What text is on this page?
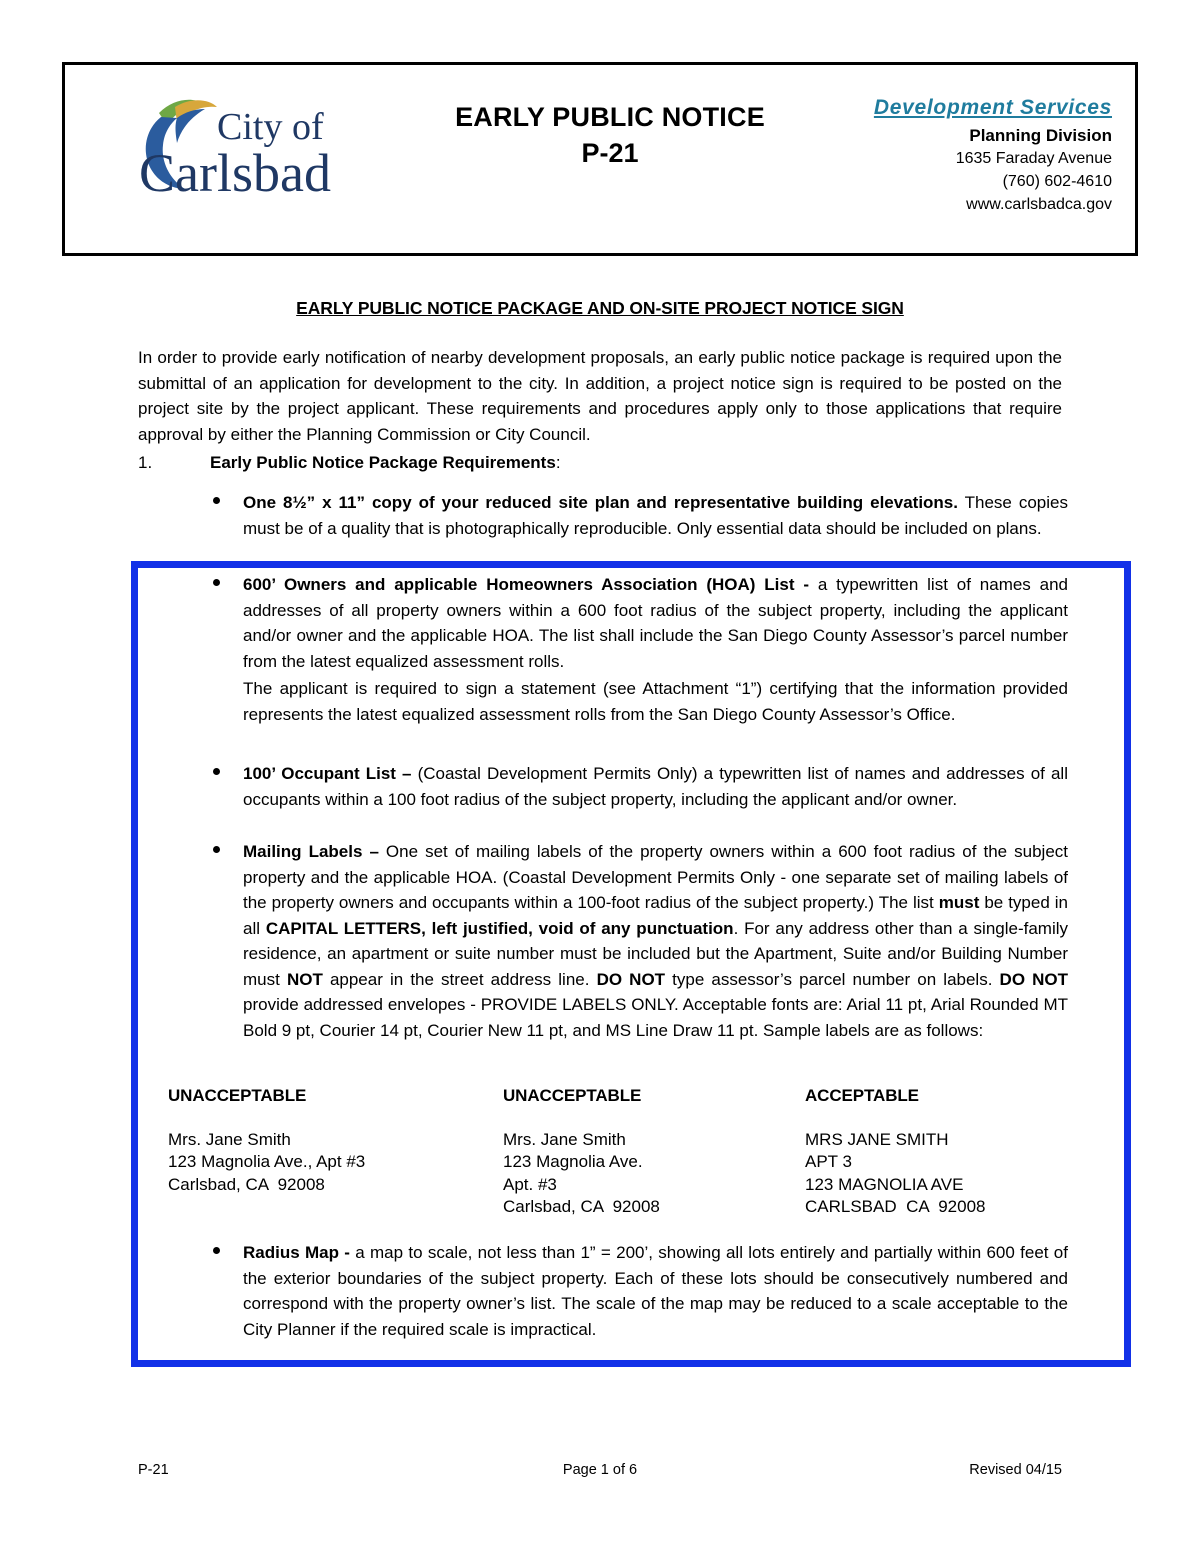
City of
Carlsbad
EARLY PUBLIC NOTICE
P-21
Development Services
Planning Division
1635 Faraday Avenue
(760) 602-4610
www.carlsbadca.gov
EARLY PUBLIC NOTICE PACKAGE AND ON-SITE PROJECT NOTICE SIGN
In order to provide early notification of nearby development proposals, an early public notice package is required upon the submittal of an application for development to the city. In addition, a project notice sign is required to be posted on the project site by the project applicant. These requirements and procedures apply only to those applications that require approval by either the Planning Commission or City Council.
1.	Early Public Notice Package Requirements:
One 8½” x 11” copy of your reduced site plan and representative building elevations. These copies must be of a quality that is photographically reproducible. Only essential data should be included on plans.
600’ Owners and applicable Homeowners Association (HOA) List - a typewritten list of names and addresses of all property owners within a 600 foot radius of the subject property, including the applicant and/or owner and the applicable HOA. The list shall include the San Diego County Assessor’s parcel number from the latest equalized assessment rolls.
The applicant is required to sign a statement (see Attachment “1”) certifying that the information provided represents the latest equalized assessment rolls from the San Diego County Assessor’s Office.
100’ Occupant List – (Coastal Development Permits Only) a typewritten list of names and addresses of all occupants within a 100 foot radius of the subject property, including the applicant and/or owner.
Mailing Labels – One set of mailing labels of the property owners within a 600 foot radius of the subject property and the applicable HOA. (Coastal Development Permits Only - one separate set of mailing labels of the property owners and occupants within a 100-foot radius of the subject property.) The list must be typed in all CAPITAL LETTERS, left justified, void of any punctuation. For any address other than a single-family residence, an apartment or suite number must be included but the Apartment, Suite and/or Building Number must NOT appear in the street address line. DO NOT type assessor’s parcel number on labels. DO NOT provide addressed envelopes - PROVIDE LABELS ONLY. Acceptable fonts are: Arial 11 pt, Arial Rounded MT Bold 9 pt, Courier 14 pt, Courier New 11 pt, and MS Line Draw 11 pt. Sample labels are as follows:
UNACCEPTABLE
Mrs. Jane Smith
123 Magnolia Ave., Apt #3
Carlsbad, CA  92008
UNACCEPTABLE
Mrs. Jane Smith
123 Magnolia Ave.
Apt. #3
Carlsbad, CA  92008
ACCEPTABLE
MRS JANE SMITH
APT 3
123 MAGNOLIA AVE
CARLSBAD  CA  92008
Radius Map - a map to scale, not less than 1” = 200’, showing all lots entirely and partially within 600 feet of the exterior boundaries of the subject property. Each of these lots should be consecutively numbered and correspond with the property owner’s list. The scale of the map may be reduced to a scale acceptable to the City Planner if the required scale is impractical.
Page 1 of 6
P-21	Revised 04/15
